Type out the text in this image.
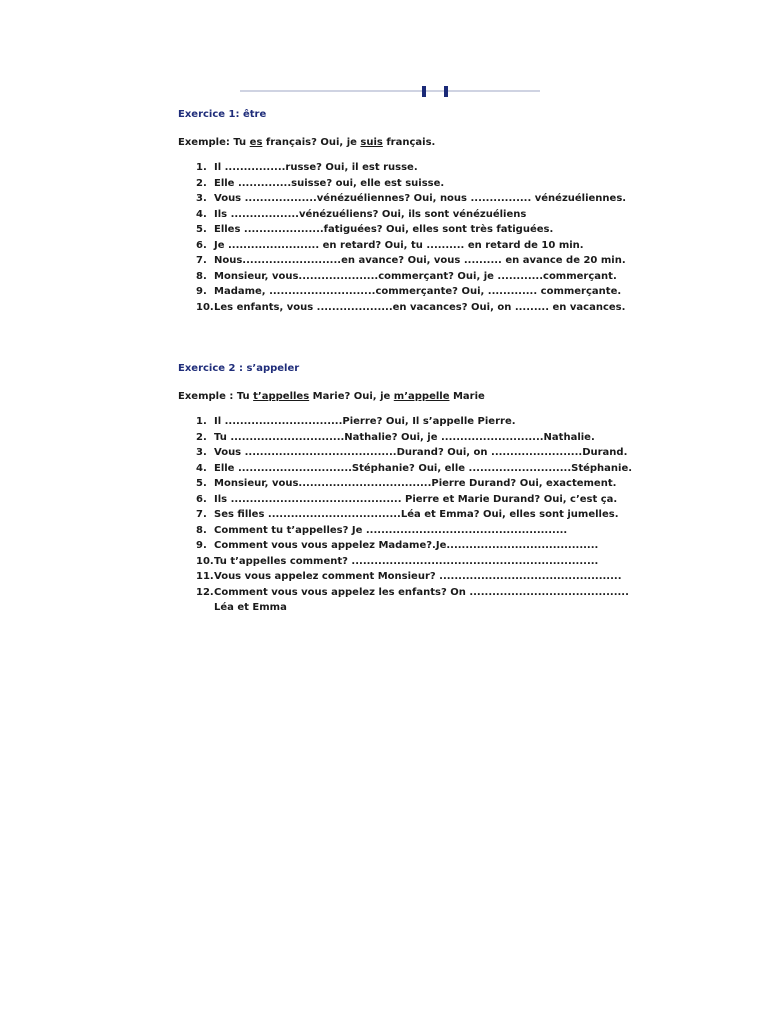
Exercice 1: être
Exemple: Tu es français? Oui, je suis français.
1. Il ................russe? Oui, il est russe.
2. Elle ..............suisse? oui, elle est suisse.
3. Vous ...................vénézuéliennes? Oui, nous ................ vénézuéliennes.
4. Ils ..................vénézuéliens? Oui, ils sont vénézuéliens
5. Elles .....................fatiguées? Oui, elles sont très fatiguées.
6. Je ........................ en retard? Oui, tu .......... en retard de 10 min.
7. Nous..........................en avance? Oui, vous .......... en avance de 20 min.
8. Monsieur, vous.....................commerçant? Oui, je ............commerçant.
9. Madame, ............................commerçante? Oui, ............. commerçante.
10. Les enfants, vous ....................en vacances? Oui, on ......... en vacances.
Exercice 2 : s’appeler
Exemple : Tu t’appelles Marie? Oui, je m’appelle Marie
1. Il ...............................Pierre? Oui, Il s’appelle Pierre.
2. Tu ..............................Nathalie? Oui, je ...........................Nathalie.
3. Vous ........................................Durand? Oui, on ........................Durand.
4. Elle ..............................Stéphanie? Oui, elle ...........................Stéphanie.
5. Monsieur, vous...................................Pierre Durand? Oui, exactement.
6. Ils ............................................. Pierre et Marie Durand? Oui, c’est ça.
7. Ses filles ...................................Léa et Emma? Oui, elles sont jumelles.
8. Comment tu t’appelles? Je .....................................................
9. Comment vous vous appelez Madame?.Je........................................
10. Tu t’appelles comment? .................................................................
11. Vous vous appelez comment Monsieur? ................................................
12. Comment vous vous appelez les enfants? On ..........................................
Léa et Emma
